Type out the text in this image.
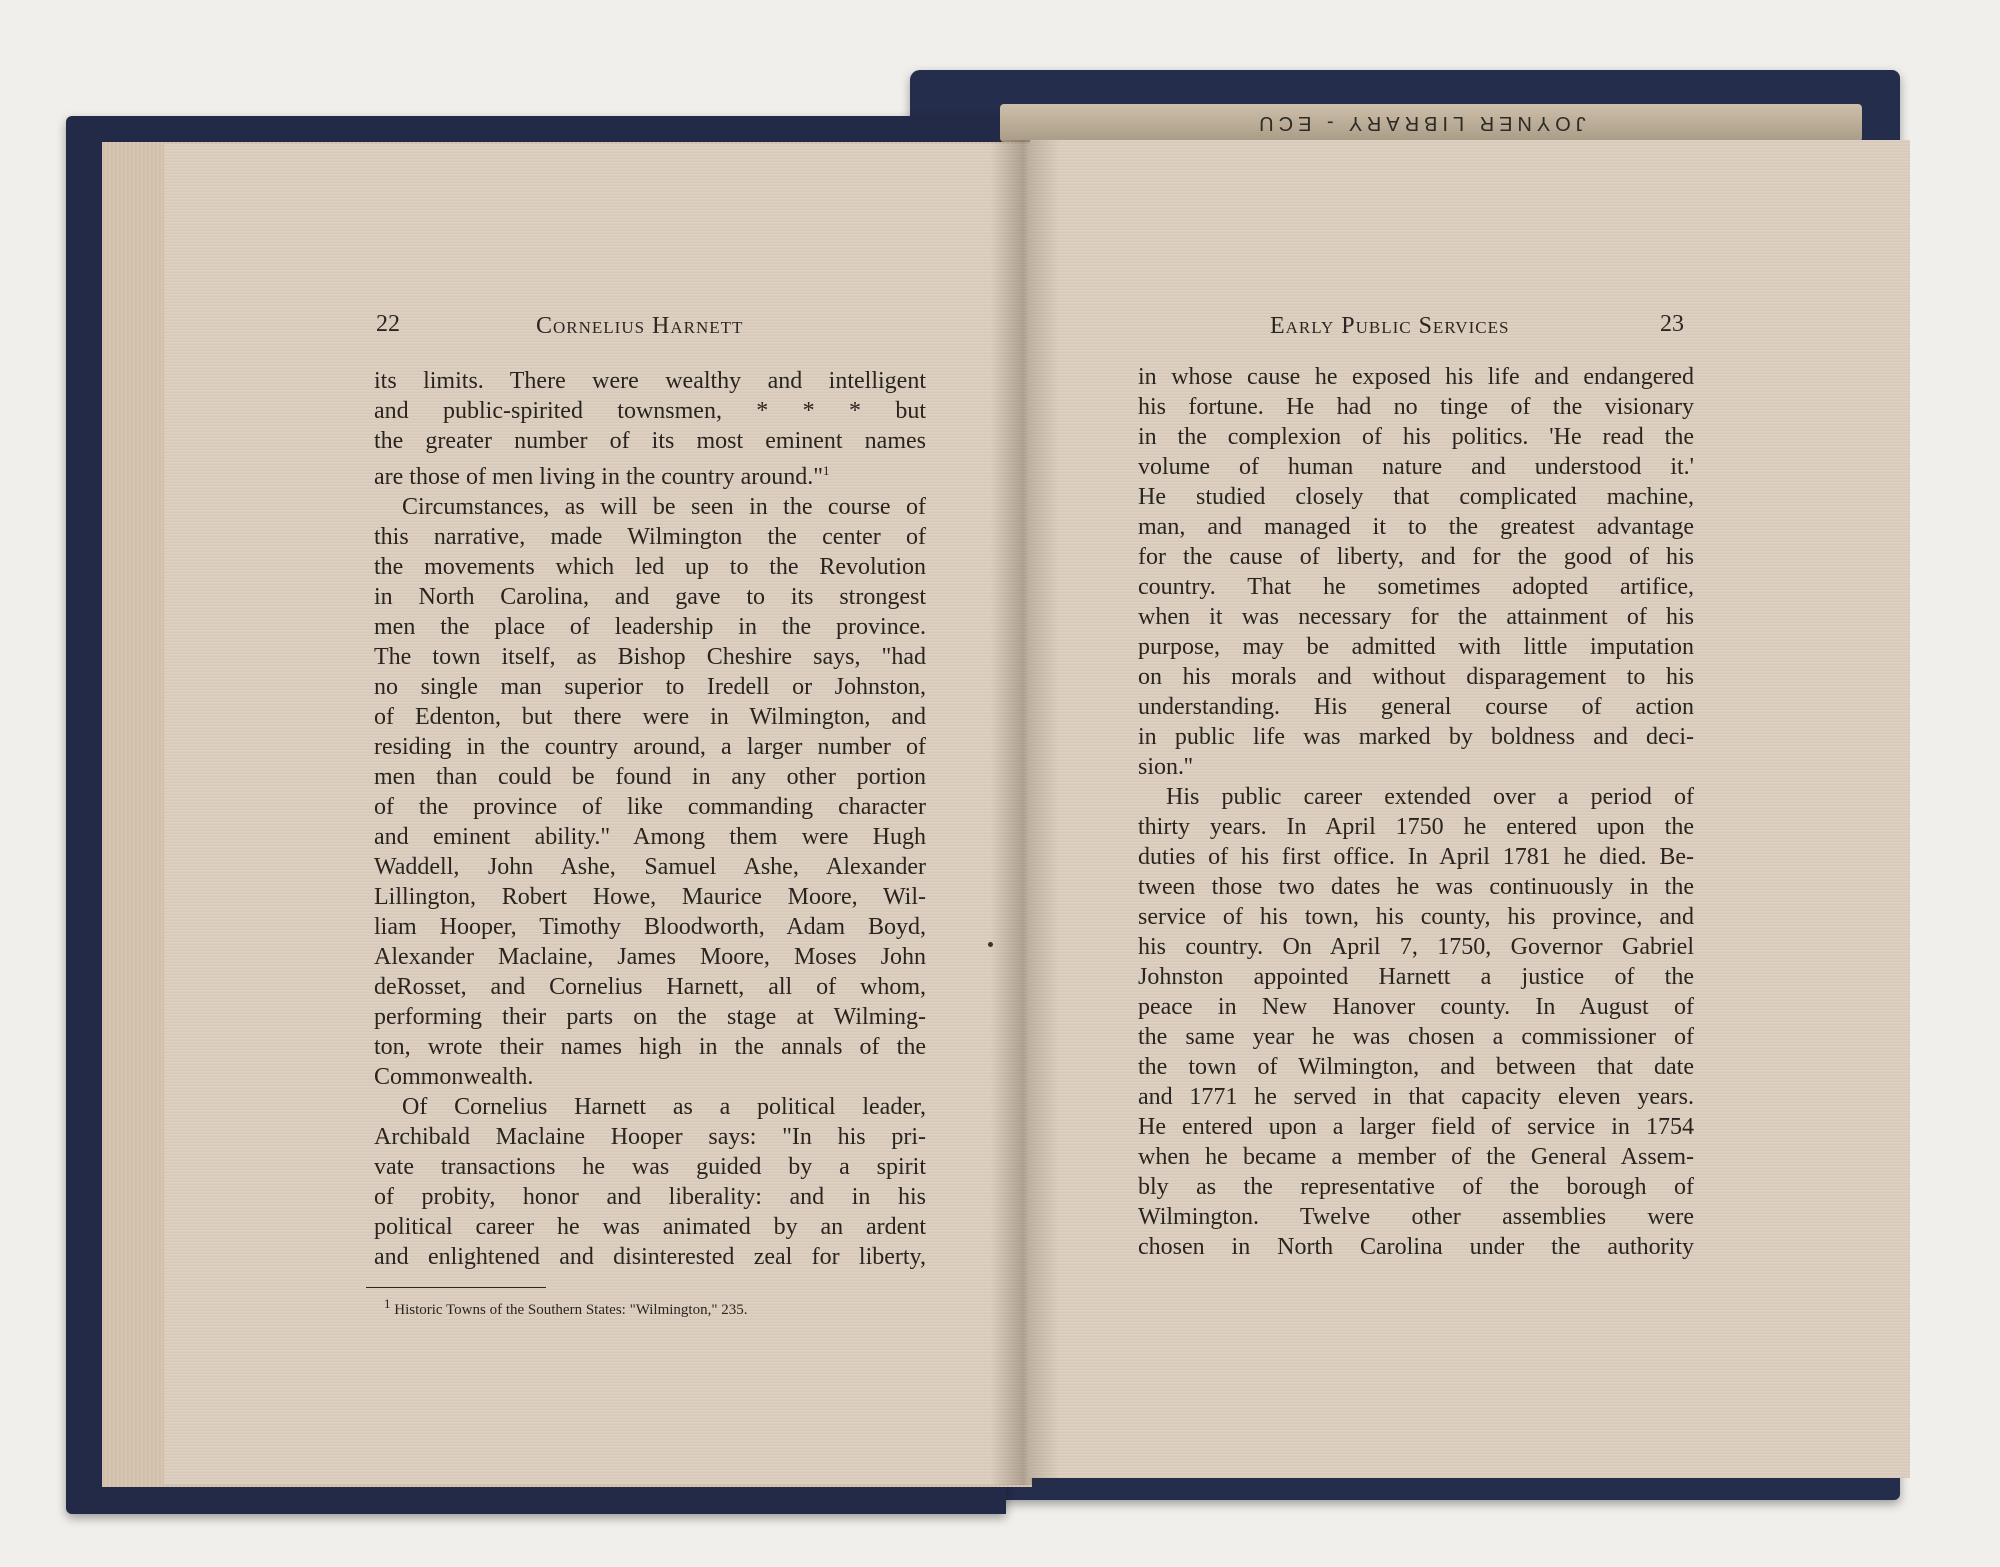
JOYNER LIBRARY - ECU
22	Cornelius Harnett
its limits. There were wealthy and intelligent
and public-spirited townsmen, * * * but
the greater number of its most eminent names
are those of men living in the country around."$^1$
Circumstances, as will be seen in the course of
this narrative, made Wilmington the center of
the movements which led up to the Revolution
in North Carolina, and gave to its strongest
men the place of leadership in the province.
The town itself, as Bishop Cheshire says, "had
no single man superior to Iredell or Johnston,
of Edenton, but there were in Wilmington, and
residing in the country around, a larger number of
men than could be found in any other portion
of the province of like commanding character
and eminent ability." Among them were Hugh
Waddell, John Ashe, Samuel Ashe, Alexander
Lillington, Robert Howe, Maurice Moore, Wil-
liam Hooper, Timothy Bloodworth, Adam Boyd,
Alexander Maclaine, James Moore, Moses John
deRosset, and Cornelius Harnett, all of whom,
performing their parts on the stage at Wilming-
ton, wrote their names high in the annals of the
Commonwealth.
Of Cornelius Harnett as a political leader,
Archibald Maclaine Hooper says: "In his pri-
vate transactions he was guided by a spirit
of probity, honor and liberality: and in his
political career he was animated by an ardent
and enlightened and disinterested zeal for liberty,
$^1$ Historic Towns of the Southern States: "Wilmington," 235.
Early Public Services	23
in whose cause he exposed his life and endangered
his fortune. He had no tinge of the visionary
in the complexion of his politics. 'He read the
volume of human nature and understood it.'
He studied closely that complicated machine,
man, and managed it to the greatest advantage
for the cause of liberty, and for the good of his
country. That he sometimes adopted artifice,
when it was necessary for the attainment of his
purpose, may be admitted with little imputation
on his morals and without disparagement to his
understanding. His general course of action
in public life was marked by boldness and deci-
sion.''
His public career extended over a period of
thirty years. In April 1750 he entered upon the
duties of his first office. In April 1781 he died. Be-
tween those two dates he was continuously in the
service of his town, his county, his province, and
his country. On April 7, 1750, Governor Gabriel
Johnston appointed Harnett a justice of the
peace in New Hanover county. In August of
the same year he was chosen a commissioner of
the town of Wilmington, and between that date
and 1771 he served in that capacity eleven years.
He entered upon a larger field of service in 1754
when he became a member of the General Assem-
bly as the representative of the borough of
Wilmington. Twelve other assemblies were
chosen in North Carolina under the authority
